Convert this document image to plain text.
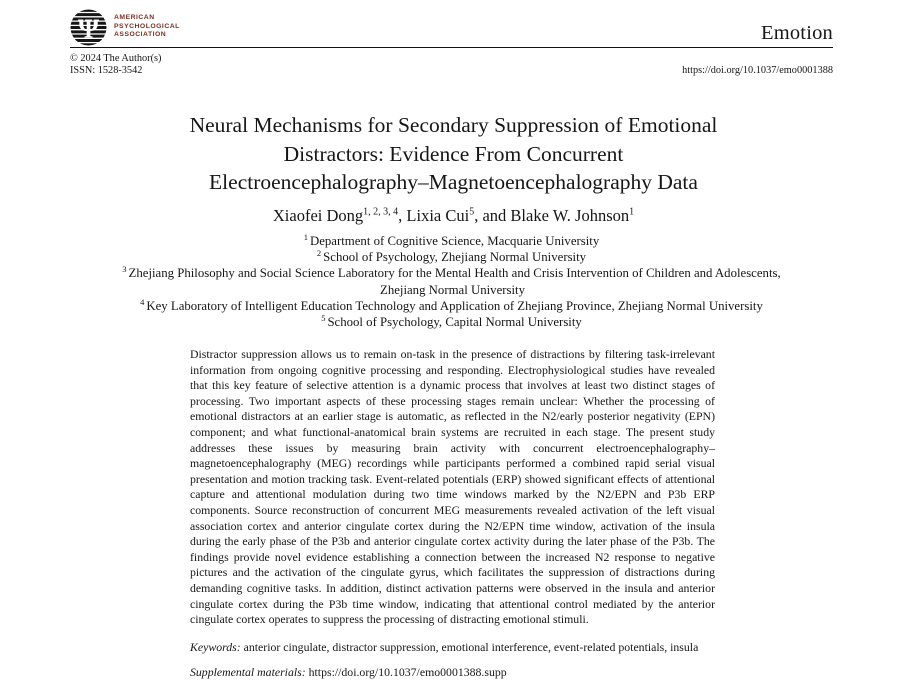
Ψ AMERICAN
PSYCHOLOGICAL
ASSOCIATION	Emotion
© 2024 The Author(s)
ISSN: 1528-3542	https://doi.org/10.1037/emo0001388
Neural Mechanisms for Secondary Suppression of Emotional
Distractors: Evidence From Concurrent
Electroencephalography–Magnetoencephalography Data
Xiaofei Dong$^{1, 2, 3, 4}$, Lixia Cui$^5$, and Blake W. Johnson$^1$
$^1$ Department of Cognitive Science, Macquarie University
$^2$ School of Psychology, Zhejiang Normal University
$^3$ Zhejiang Philosophy and Social Science Laboratory for the Mental Health and Crisis Intervention of Children and Adolescents,
Zhejiang Normal University
$^4$ Key Laboratory of Intelligent Education Technology and Application of Zhejiang Province, Zhejiang Normal University
$^5$ School of Psychology, Capital Normal University

Distractor suppression allows us to remain on-task in the presence of distractions by filtering task-irrelevant information from ongoing cognitive processing and responding. Electrophysiological studies have revealed that this key feature of selective attention is a dynamic process that involves at least two distinct stages of processing. Two important aspects of these processing stages remain unclear: Whether the processing of emotional distractors at an earlier stage is automatic, as reflected in the N2/early posterior negativity (EPN) component; and what functional-anatomical brain systems are recruited in each stage. The present study addresses these issues by measuring brain activity with concurrent electroencephalography–magnetoencephalography (MEG) recordings while participants performed a combined rapid serial visual presentation and motion tracking task. Event-related potentials (ERP) showed significant effects of attentional capture and attentional modulation during two time windows marked by the N2/EPN and P3b ERP components. Source reconstruction of concurrent MEG measurements revealed activation of the left visual association cortex and anterior cingulate cortex during the N2/EPN time window, activation of the insula during the early phase of the P3b and anterior cingulate cortex activity during the later phase of the P3b. The findings provide novel evidence establishing a connection between the increased N2 response to negative pictures and the activation of the cingulate gyrus, which facilitates the suppression of distractions during demanding cognitive tasks. In addition, distinct activation patterns were observed in the insula and anterior cingulate cortex during the P3b time window, indicating that attentional control mediated by the anterior cingulate cortex operates to suppress the processing of distracting emotional stimuli.

Keywords: anterior cingulate, distractor suppression, emotional interference, event-related potentials, insula
Supplemental materials: https://doi.org/10.1037/emo0001388.supp
